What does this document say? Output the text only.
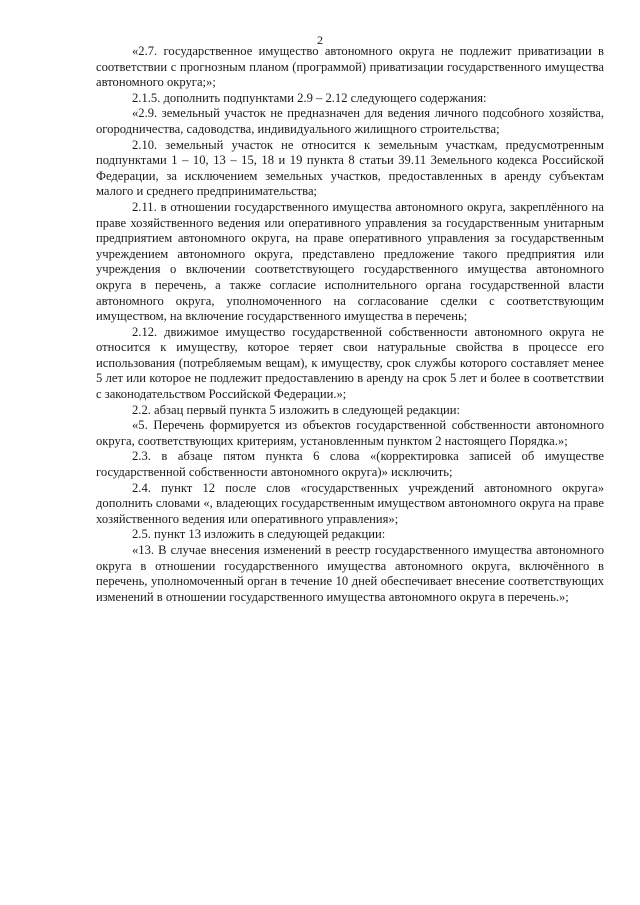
2

«2.7. государственное имущество автономного округа не подлежит приватизации в соответствии с прогнозным планом (программой) приватизации государственного имущества автономного округа;»;

2.1.5. дополнить подпунктами 2.9 – 2.12 следующего содержания:

«2.9. земельный участок не предназначен для ведения личного подсобного хозяйства, огородничества, садоводства, индивидуального жилищного строительства;

2.10. земельный участок не относится к земельным участкам, предусмотренным подпунктами 1 – 10, 13 – 15, 18 и 19 пункта 8 статьи 39.11 Земельного кодекса Российской Федерации, за исключением земельных участков, предоставленных в аренду субъектам малого и среднего предпринимательства;

2.11. в отношении государственного имущества автономного округа, закреплённого на праве хозяйственного ведения или оперативного управления за государственным унитарным предприятием автономного округа, на праве оперативного управления за государственным учреждением автономного округа, представлено предложение такого предприятия или учреждения о включении соответствующего государственного имущества автономного округа в перечень, а также согласие исполнительного органа государственной власти автономного округа, уполномоченного на согласование сделки с соответствующим имуществом, на включение государственного имущества в перечень;

2.12. движимое имущество государственной собственности автономного округа не относится к имуществу, которое теряет свои натуральные свойства в процессе его использования (потребляемым вещам), к имуществу, срок службы которого составляет менее 5 лет или которое не подлежит предоставлению в аренду на срок 5 лет и более в соответствии с законодательством Российской Федерации.»;

2.2. абзац первый пункта 5 изложить в следующей редакции:

«5. Перечень формируется из объектов государственной собственности автономного округа, соответствующих критериям, установленным пунктом 2 настоящего Порядка.»;

2.3. в абзаце пятом пункта 6 слова «(корректировка записей об имуществе государственной собственности автономного округа)» исключить;

2.4. пункт 12 после слов «государственных учреждений автономного округа» дополнить словами «, владеющих государственным имуществом автономного округа на праве хозяйственного ведения или оперативного управления»;

2.5. пункт 13 изложить в следующей редакции:

«13. В случае внесения изменений в реестр государственного имущества автономного округа в отношении государственного имущества автономного округа, включённого в перечень, уполномоченный орган в течение 10 дней обеспечивает внесение соответствующих изменений в отношении государственного имущества автономного округа в перечень.»;
